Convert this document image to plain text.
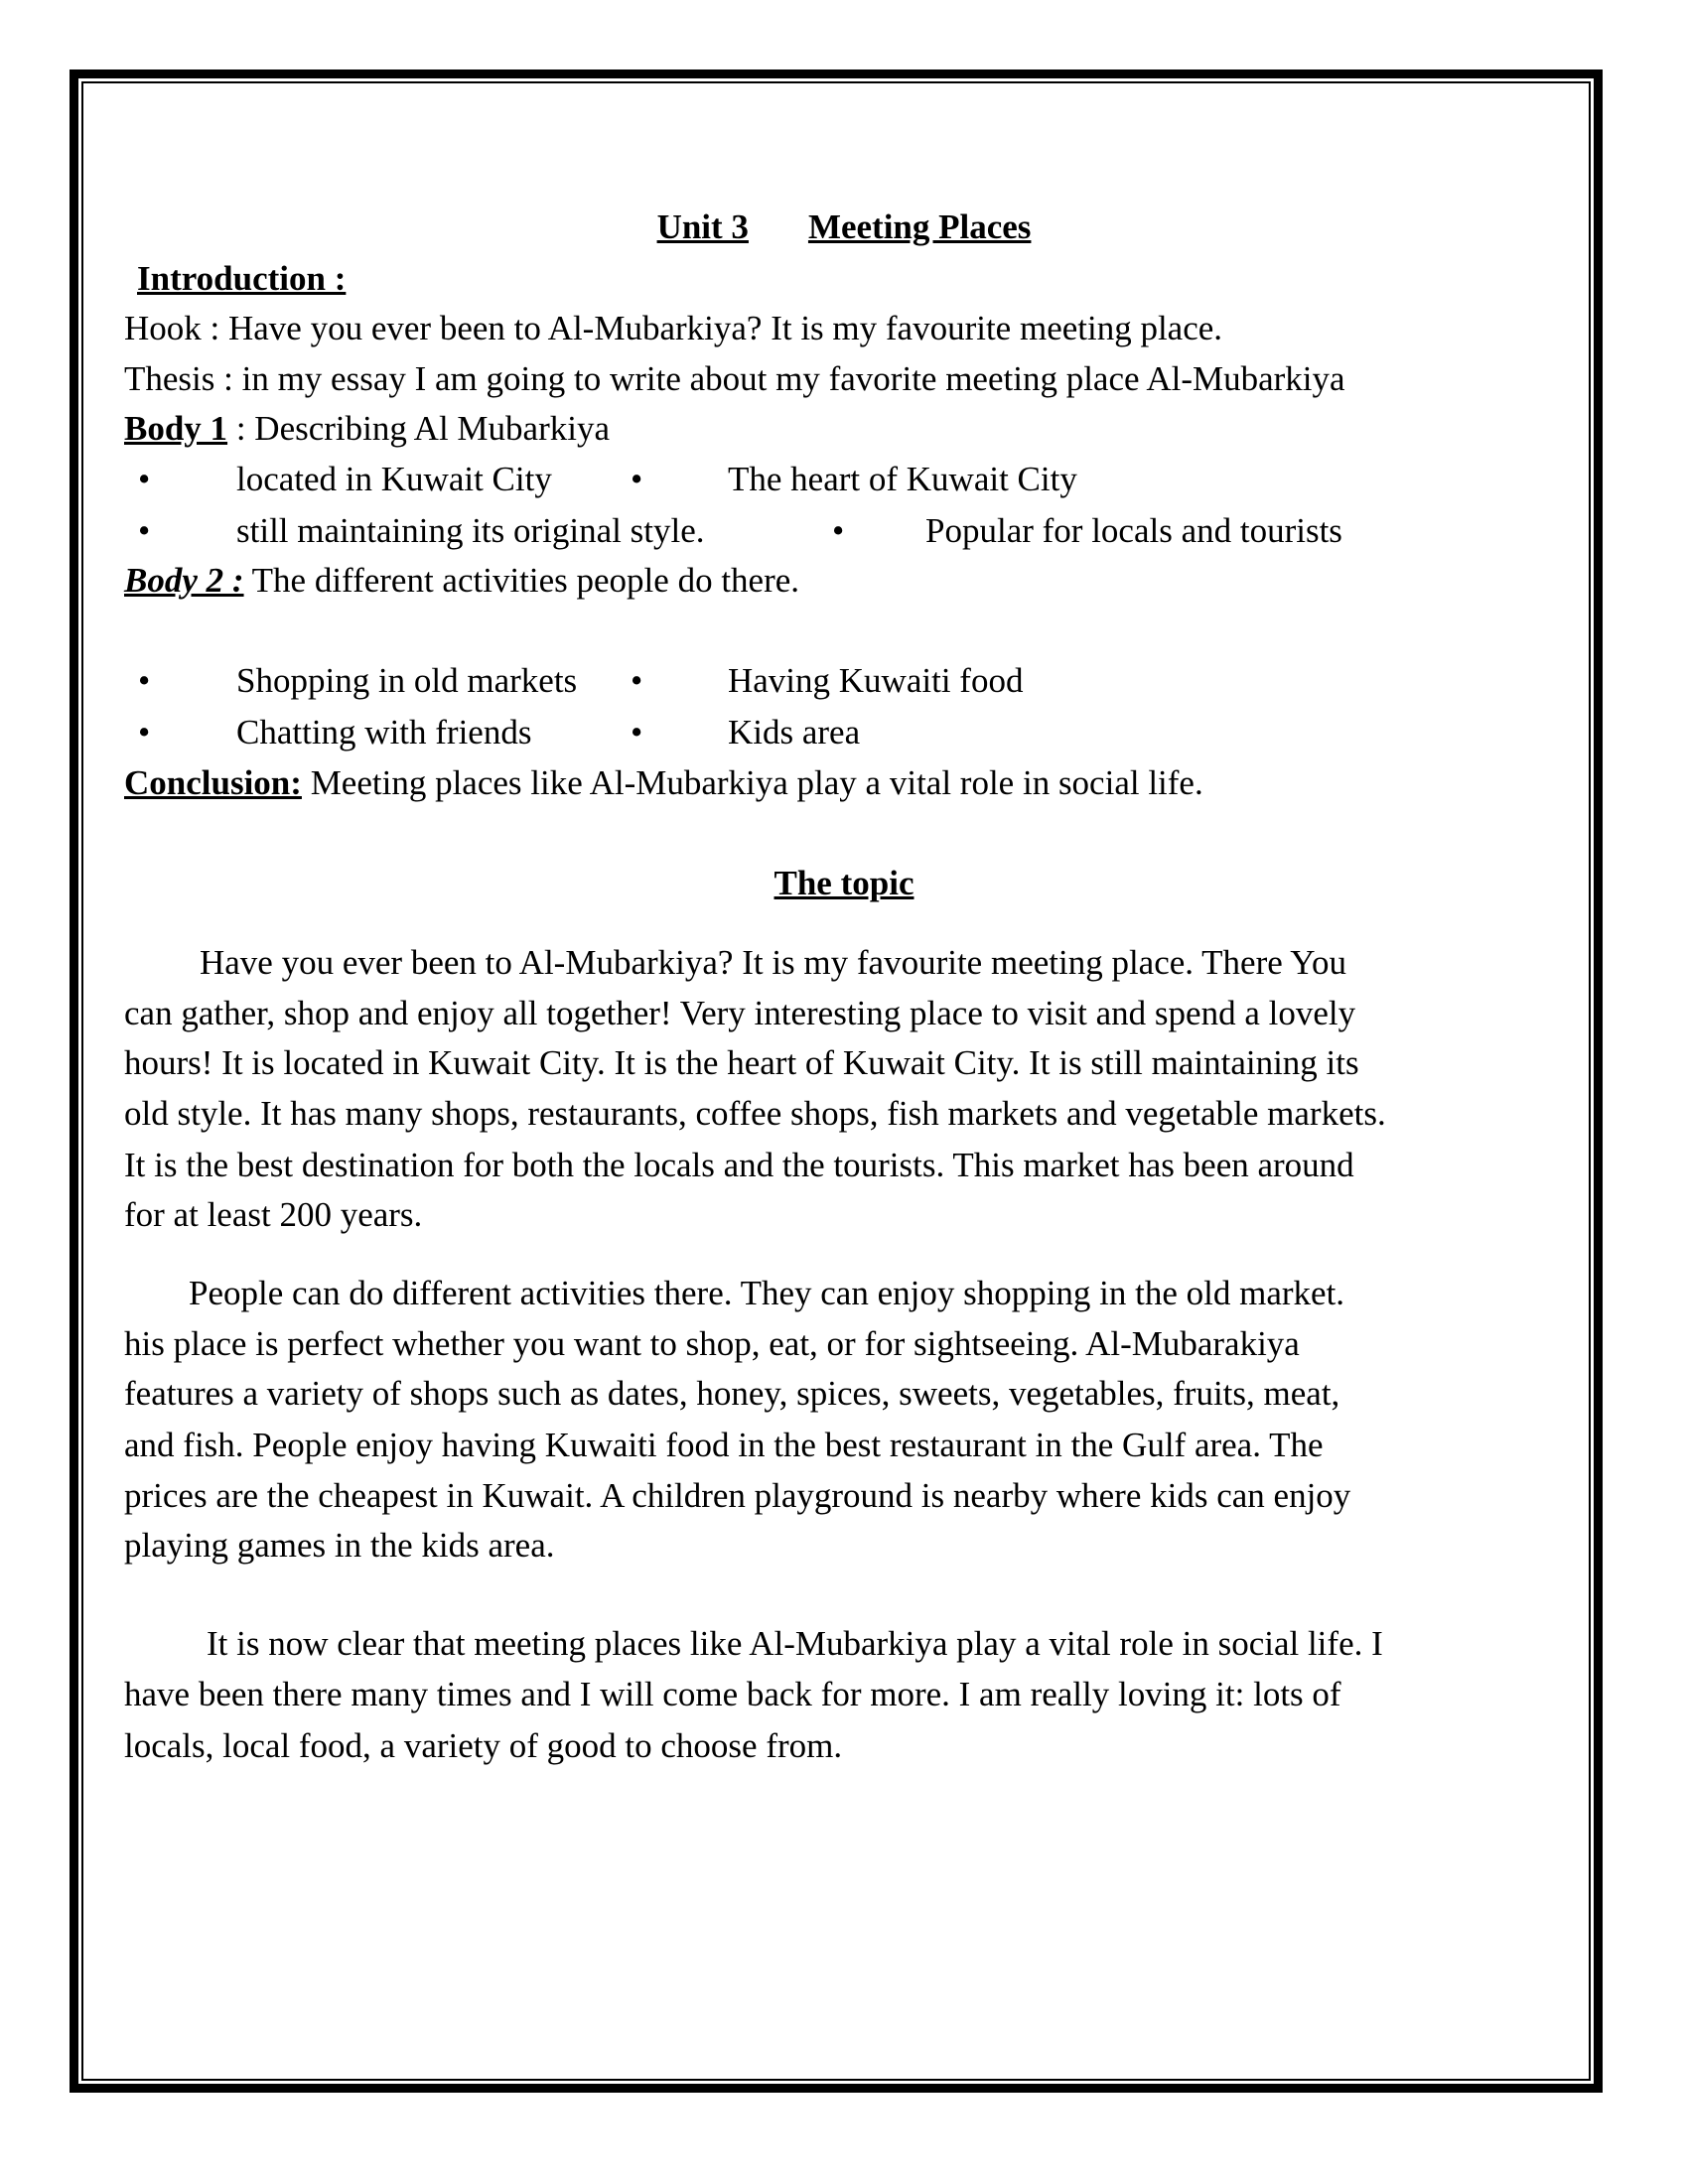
Unit 3 Meeting Places
Introduction :
Hook : Have you ever been to Al-Mubarkiya? It is my favourite meeting place.
Thesis : in my essay I am going to write about my favorite meeting place Al-Mubarkiya
Body 1 : Describing Al Mubarkiya
• located in Kuwait City • The heart of Kuwait City
• still maintaining its original style.	• Popular for locals and tourists
Body 2 : The different activities people do there.
• Shopping in old markets • Having Kuwaiti food
• Chatting with friends	• Kids area
Conclusion: Meeting places like Al-Mubarkiya play a vital role in social life.
The topic
Have you ever been to Al-Mubarkiya? It is my favourite meeting place. There You
can gather, shop and enjoy all together! Very interesting place to visit and spend a lovely
hours! It is located in Kuwait City. It is the heart of Kuwait City. It is still maintaining its
old style. It has many shops, restaurants, coffee shops, fish markets and vegetable markets.
It is the best destination for both the locals and the tourists. This market has been around
for at least 200 years.
People can do different activities there. They can enjoy shopping in the old market.
his place is perfect whether you want to shop, eat, or for sightseeing. Al-Mubarakiya
features a variety of shops such as dates, honey, spices, sweets, vegetables, fruits, meat,
and fish. People enjoy having Kuwaiti food in the best restaurant in the Gulf area. The
prices are the cheapest in Kuwait. A children playground is nearby where kids can enjoy
playing games in the kids area.
It is now clear that meeting places like Al-Mubarkiya play a vital role in social life. I
have been there many times and I will come back for more. I am really loving it: lots of
locals, local food, a variety of good to choose from.
